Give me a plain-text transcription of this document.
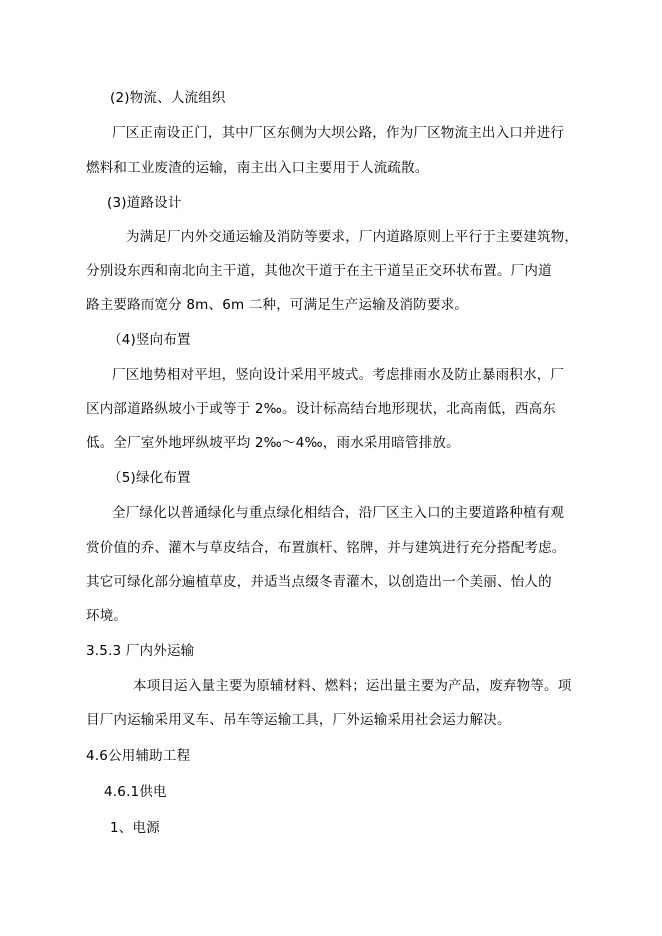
(2)物流、人流组织

厂区正南设正门，其中厂区东侧为大坝公路，作为厂区物流主出入口并进行

燃料和工业废渣的运输，南主出入口主要用于人流疏散。

(3)道路设计

为满足厂内外交通运输及消防等要求，厂内道路原则上平行于主要建筑物，

分别设东西和南北向主干道，其他次干道于在主干道呈正交环状布置。厂内道

路主要路而宽分 8m、6m 二种，可满足生产运输及消防要求。

（4)竖向布置

厂区地势相对平坦，竖向设计采用平坡式。考虑排雨水及防止暴雨积水，厂

区内部道路纵坡小于或等于 2‰。设计标高结台地形现状，北高南低，西高东

低。全厂室外地坪纵坡平均 2‰～4‰，雨水采用暗管排放。

（5)绿化布置

全厂绿化以普通绿化与重点绿化相结合，沿厂区主入口的主要道路种植有观

赏价值的乔、灌木与草皮结合，布置旗杆、铭牌，并与建筑进行充分搭配考虑。

其它可绿化部分遍植草皮，并适当点缀冬青灌木，以创造出一个美丽、怡人的

环境。

3.5.3 厂内外运输

本项目运入量主要为原辅材料、燃料；运出量主要为产品，废弃物等。项

目厂内运输采用叉车、吊车等运输工具，厂外运输采用社会运力解决。

4.6公用辅助工程

4.6.1供电

1、电源
